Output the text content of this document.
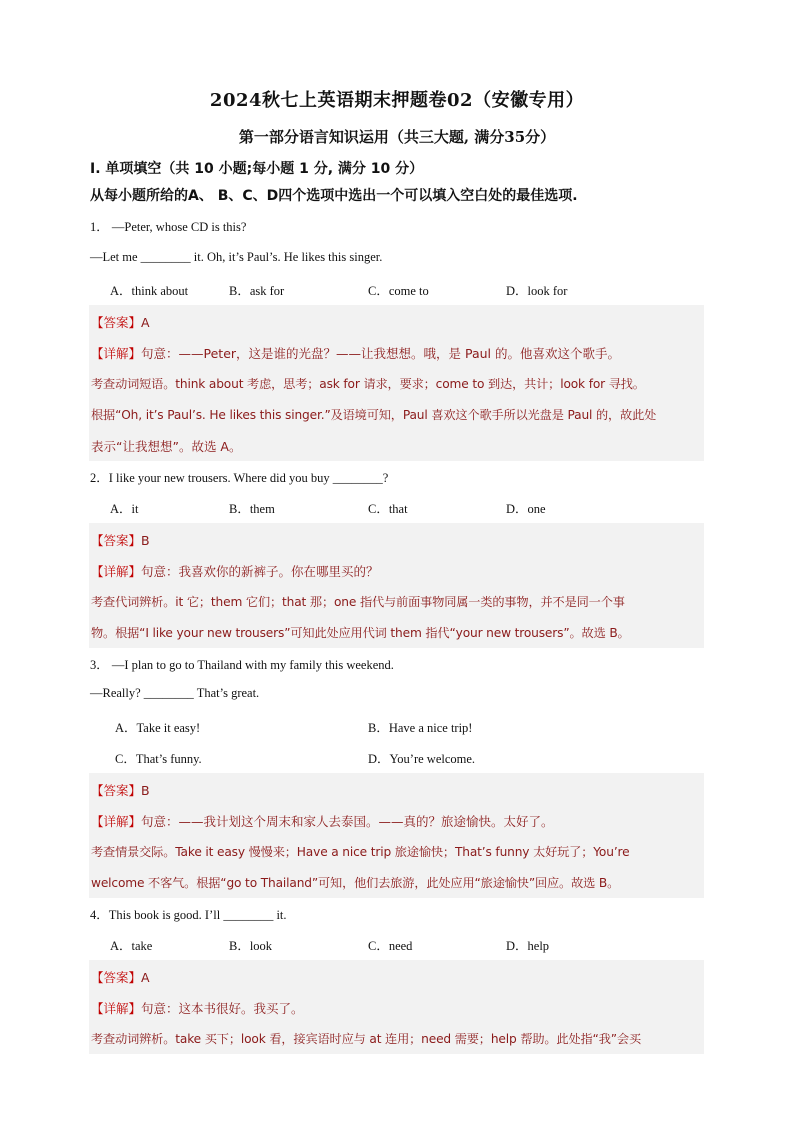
2024秋七上英语期末押题卷02（安徽专用）
第一部分语言知识运用（共三大题, 满分35分）
I. 单项填空（共 10 小题;每小题 1 分, 满分 10 分）
从每小题所给的A、 B、C、D四个选项中选出一个可以填入空白处的最佳选项.
1． —Peter, whose CD is this?
—Let me ________ it. Oh, it’s Paul’s. He likes this singer.
A．think about	B．ask for	C．come to	D．look for
【答案】A
【详解】句意：——Peter，这是谁的光盘？——让我想想。哦，是 Paul 的。他喜欢这个歌手。
考查动词短语。think about 考虑，思考；ask for 请求，要求；come to 到达，共计；look for 寻找。
根据“Oh, it’s Paul’s. He likes this singer.”及语境可知，Paul 喜欢这个歌手所以光盘是 Paul 的，故此处
表示“让我想想”。故选 A。
2．I like your new trousers. Where did you buy ________?
A．it	B．them	C．that	D．one
【答案】B
【详解】句意：我喜欢你的新裤子。你在哪里买的？
考查代词辨析。it 它；them 它们；that 那；one 指代与前面事物同属一类的事物，并不是同一个事
物。根据“I like your new trousers”可知此处应用代词 them 指代“your new trousers”。故选 B。
3． —I plan to go to Thailand with my family this weekend.
—Really? ________ That’s great.
A．Take it easy!	B．Have a nice trip!
C．That’s funny.	D．You’re welcome.
【答案】B
【详解】句意：——我计划这个周末和家人去泰国。——真的？旅途愉快。太好了。
考查情景交际。Take it easy 慢慢来；Have a nice trip 旅途愉快；That’s funny 太好玩了；You’re
welcome 不客气。根据“go to Thailand”可知，他们去旅游，此处应用“旅途愉快”回应。故选 B。
4．This book is good. I’ll ________ it.
A．take	B．look	C．need	D．help
【答案】A
【详解】句意：这本书很好。我买了。
考查动词辨析。take 买下；look 看，接宾语时应与 at 连用；need 需要；help 帮助。此处指“我”会买
